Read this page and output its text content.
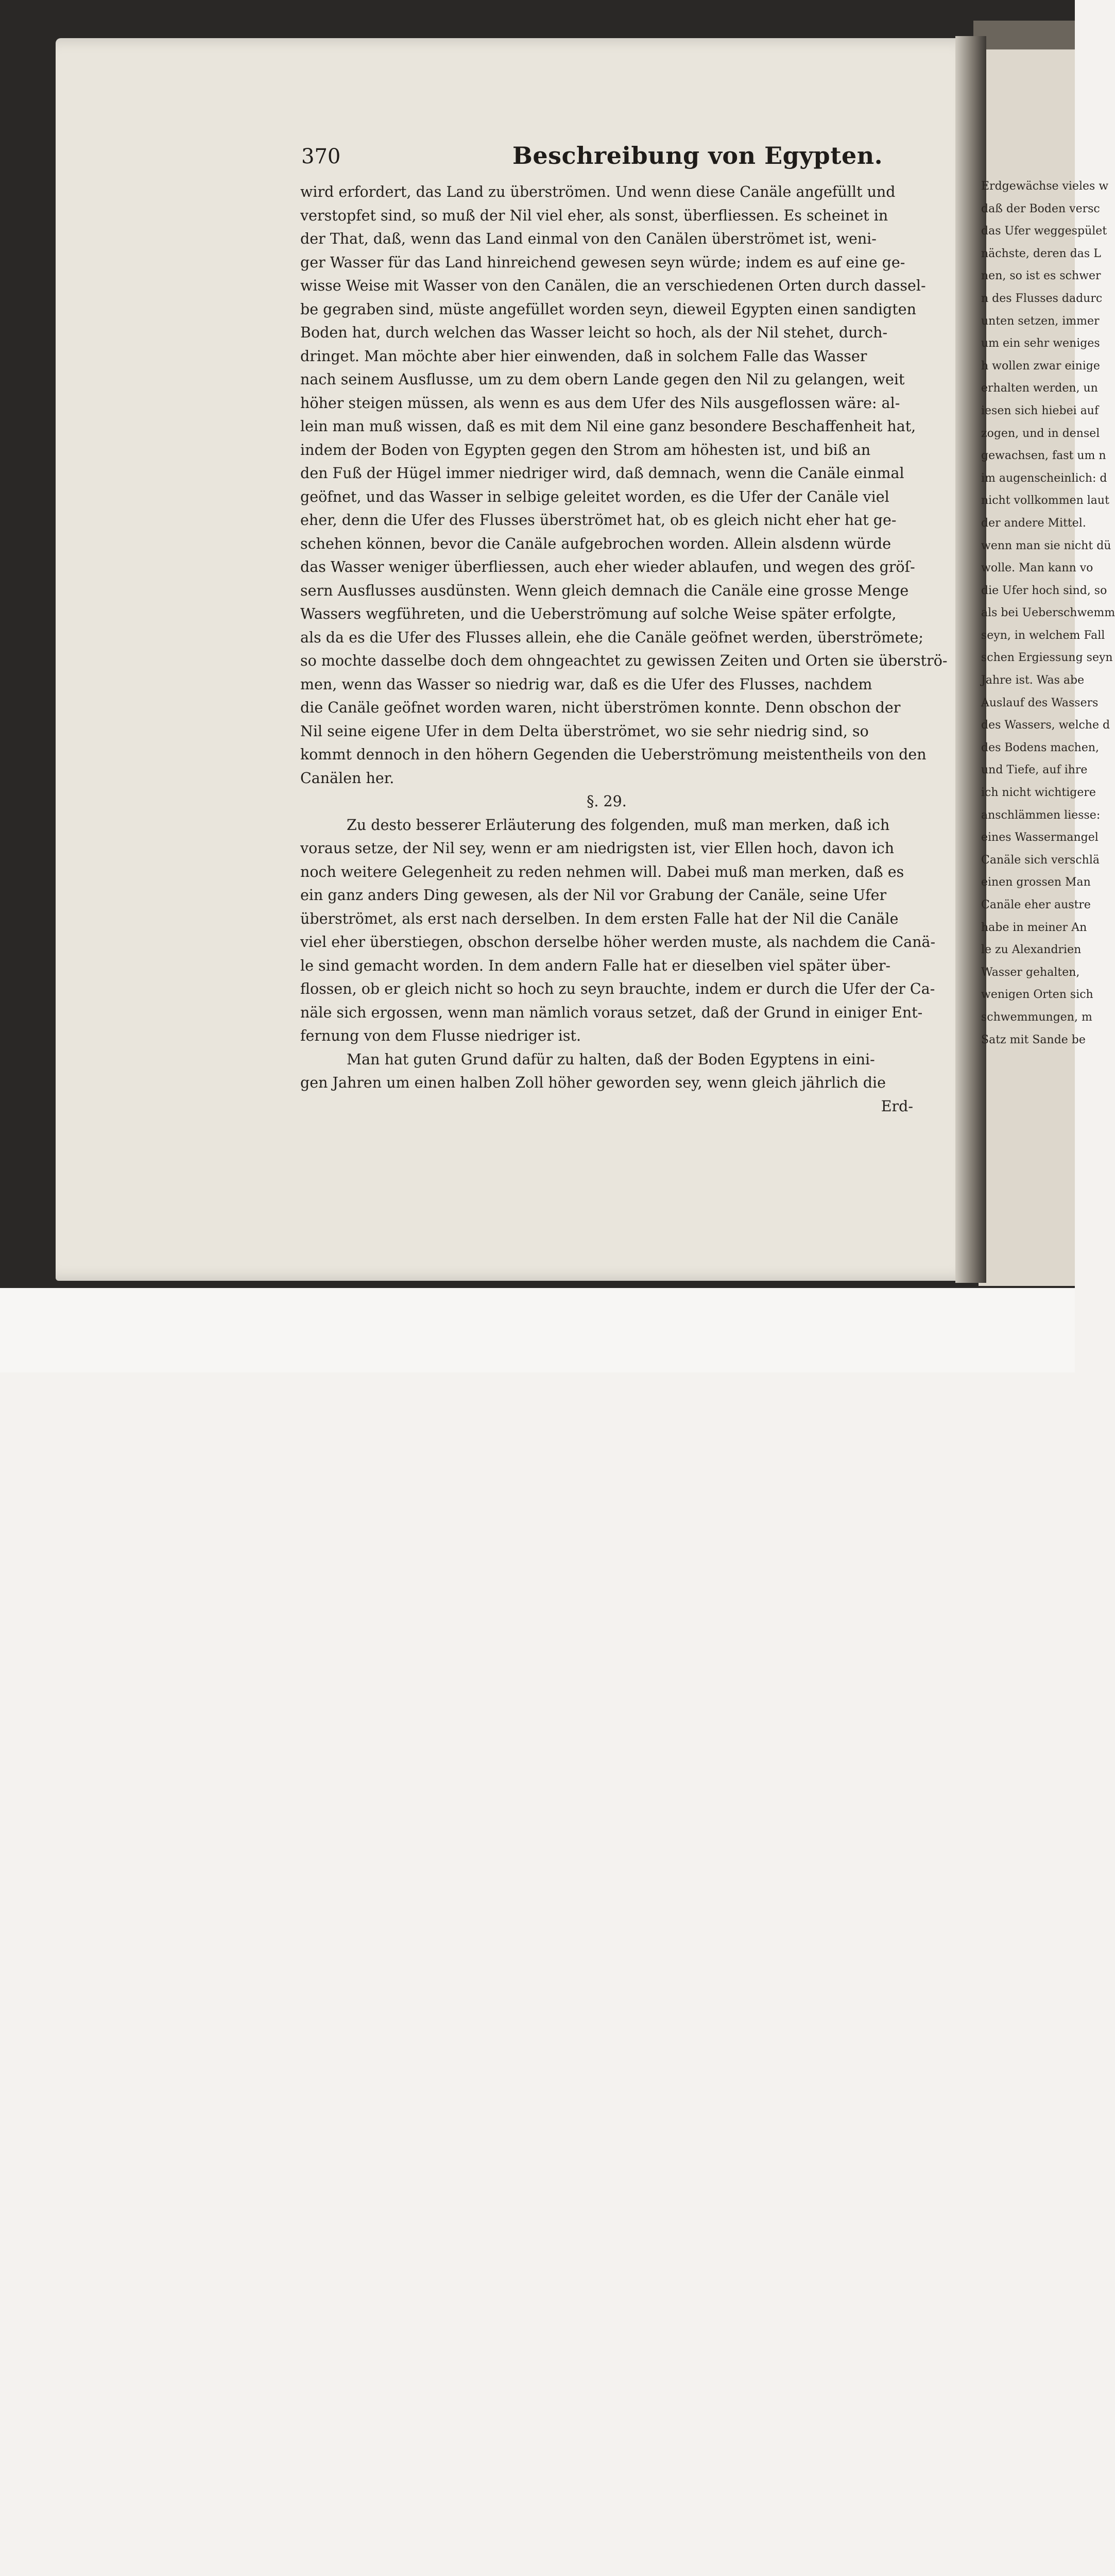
370	Beschreibung von Egypten.
wird erfordert, das Land zu überströmen. Und wenn diese Canäle angefüllt und
verstopfet sind, so muß der Nil viel eher, als sonst, überfliessen. Es scheinet in
der That, daß, wenn das Land einmal von den Canälen überströmet ist, weni-
ger Wasser für das Land hinreichend gewesen seyn würde; indem es auf eine ge-
wisse Weise mit Wasser von den Canälen, die an verschiedenen Orten durch dassel-
be gegraben sind, müste angefüllet worden seyn, dieweil Egypten einen sandigten
Boden hat, durch welchen das Wasser leicht so hoch, als der Nil stehet, durch-
dringet. Man möchte aber hier einwenden, daß in solchem Falle das Wasser
nach seinem Ausflusse, um zu dem obern Lande gegen den Nil zu gelangen, weit
höher steigen müssen, als wenn es aus dem Ufer des Nils ausgeflossen wäre: al-
lein man muß wissen, daß es mit dem Nil eine ganz besondere Beschaffenheit hat,
indem der Boden von Egypten gegen den Strom am höhesten ist, und biß an
den Fuß der Hügel immer niedriger wird, daß demnach, wenn die Canäle einmal
geöfnet, und das Wasser in selbige geleitet worden, es die Ufer der Canäle viel
eher, denn die Ufer des Flusses überströmet hat, ob es gleich nicht eher hat ge-
schehen können, bevor die Canäle aufgebrochen worden. Allein alsdenn würde
das Wasser weniger überfliessen, auch eher wieder ablaufen, und wegen des gröſ-
sern Ausflusses ausdünsten. Wenn gleich demnach die Canäle eine grosse Menge
Wassers wegführeten, und die Ueberströmung auf solche Weise später erfolgte,
als da es die Ufer des Flusses allein, ehe die Canäle geöfnet werden, überströmete;
so mochte dasselbe doch dem ohngeachtet zu gewissen Zeiten und Orten sie überströ-
men, wenn das Wasser so niedrig war, daß es die Ufer des Flusses, nachdem
die Canäle geöfnet worden waren, nicht überströmen konnte. Denn obschon der
Nil seine eigene Ufer in dem Delta überströmet, wo sie sehr niedrig sind, so
kommt dennoch in den höhern Gegenden die Ueberströmung meistentheils von den
Canälen her.

§. 29.

Zu desto besserer Erläuterung des folgenden, muß man merken, daß ich
voraus setze, der Nil sey, wenn er am niedrigsten ist, vier Ellen hoch, davon ich
noch weitere Gelegenheit zu reden nehmen will. Dabei muß man merken, daß es
ein ganz anders Ding gewesen, als der Nil vor Grabung der Canäle, seine Ufer
überströmet, als erst nach derselben. In dem ersten Falle hat der Nil die Canäle
viel eher überstiegen, obschon derselbe höher werden muste, als nachdem die Canä-
le sind gemacht worden. In dem andern Falle hat er dieselben viel später über-
flossen, ob er gleich nicht so hoch zu seyn brauchte, indem er durch die Ufer der Ca-
näle sich ergossen, wenn man nämlich voraus setzet, daß der Grund in einiger Ent-
fernung von dem Flusse niedriger ist.
Man hat guten Grund dafür zu halten, daß der Boden Egyptens in eini-
gen Jahren um einen halben Zoll höher geworden sey, wenn gleich jährlich die

Erd-

Erdgewächse vieles w
daß der Boden versc
das Ufer weggespület
nächste, deren das L
nen, so ist es schwer
n des Flusses dadurc
unten setzen, immer
um ein sehr weniges
h wollen zwar einige
erhalten werden, un
iesen sich hiebei auf
zogen, und in densel
gewachsen, fast um n
im augenscheinlich: d
nicht vollkommen laut
der andere Mittel.
wenn man sie nicht dü
wolle. Man kann vo
die Ufer hoch sind, so
als bei Ueberschwemm
seyn, in welchem Fall
schen Ergiessung seyn
Jahre ist. Was abe
Auslauf des Wassers
des Wassers, welche d
des Bodens machen,
und Tiefe, auf ihre
ich nicht wichtigere
anschlämmen liesse:
eines Wassermangel
Canäle sich verschlä
einen grossen Man
Canäle eher austre
habe in meiner An
le zu Alexandrien
Wasser gehalten,
wenigen Orten sich
schwemmungen, m
Satz mit Sande be
